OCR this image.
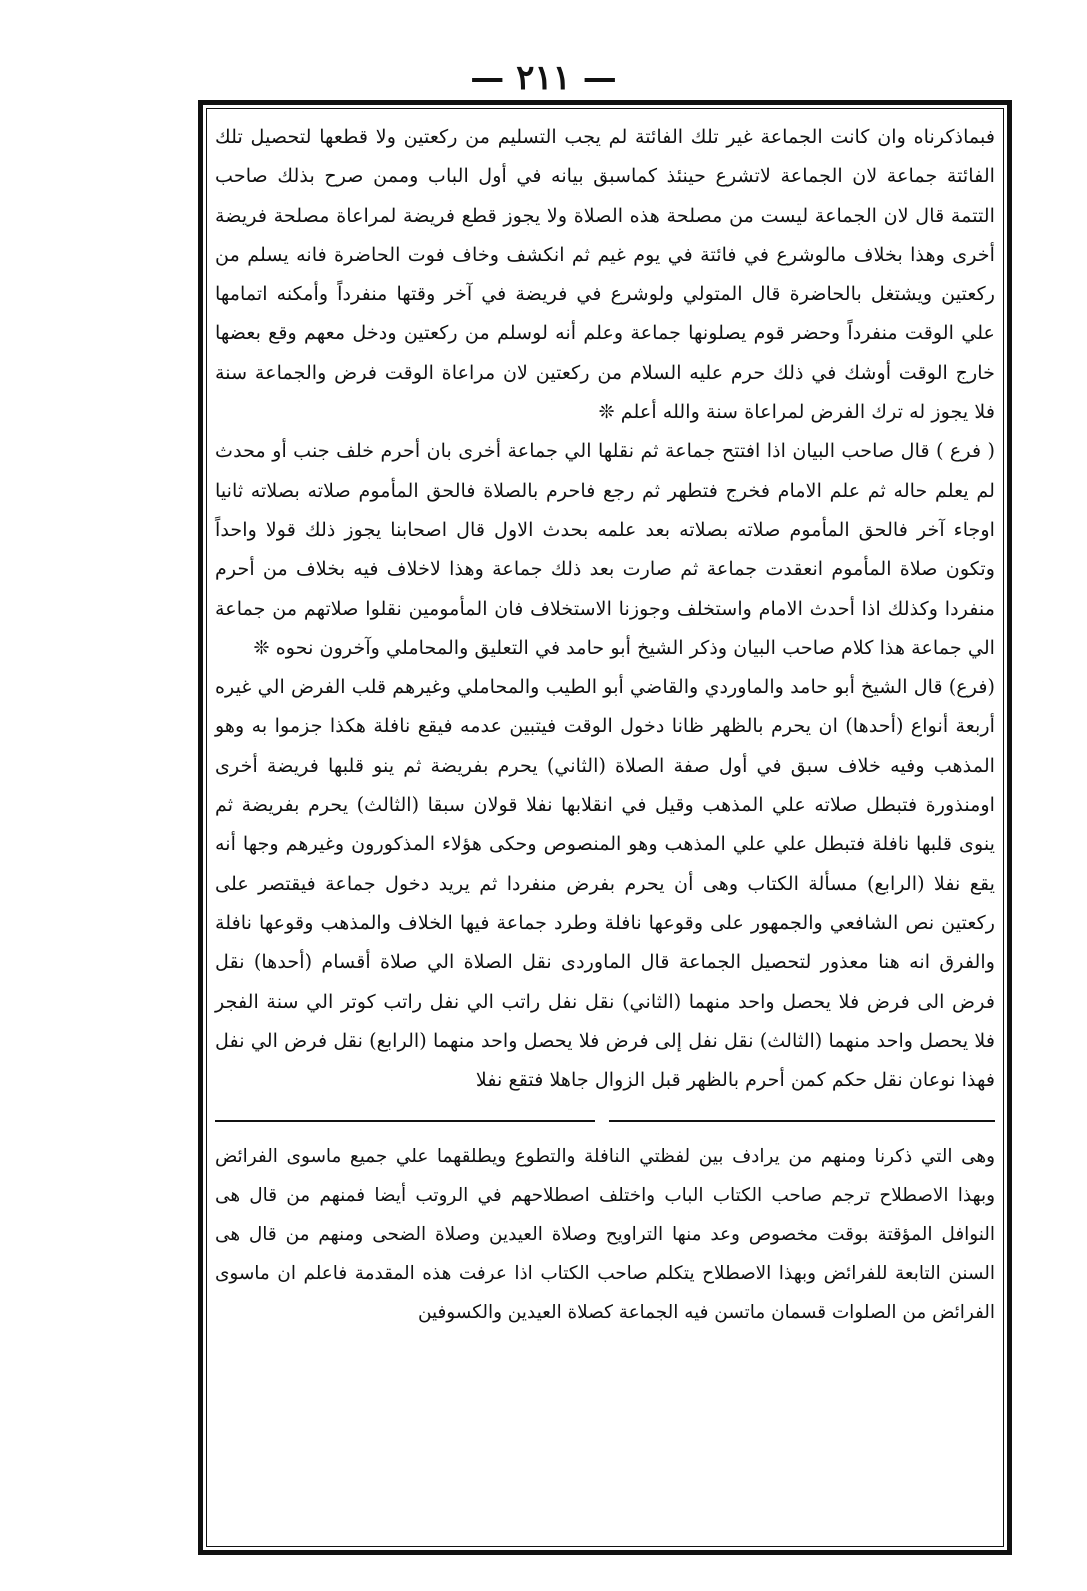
— ٢١١ —
فبماذكرناه وان كانت الجماعة غير تلك الفائتة لم يجب التسليم من ركعتين ولا قطعها لتحصيل تلك الفائتة جماعة لان الجماعة لاتشرع حينئذ كماسبق بيانه في أول الباب وممن صرح بذلك صاحب التتمة قال لان الجماعة ليست من مصلحة هذه الصلاة ولا يجوز قطع فريضة لمراعاة مصلحة فريضة أخرى وهذا بخلاف مالوشرع في فائتة في يوم غيم ثم انكشف وخاف فوت الحاضرة فانه يسلم من ركعتين ويشتغل بالحاضرة قال المتولي ولوشرع في فريضة في آخر وقتها منفرداً وأمكنه اتمامها علي الوقت منفرداً وحضر قوم يصلونها جماعة وعلم أنه لوسلم من ركعتين ودخل معهم وقع بعضها خارج الوقت أوشك في ذلك حرم عليه السلام من ركعتين لان مراعاة الوقت فرض والجماعة سنة فلا يجوز له ترك الفرض لمراعاة سنة والله أعلم ❊
( فرع ) قال صاحب البيان اذا افتتح جماعة ثم نقلها الي جماعة أخرى بان أحرم خلف جنب أو محدث لم يعلم حاله ثم علم الامام فخرج فتطهر ثم رجع فاحرم بالصلاة فالحق المأموم صلاته بصلاته ثانيا اوجاء آخر فالحق المأموم صلاته بصلاته بعد علمه بحدث الاول قال اصحابنا يجوز ذلك قولا واحداً وتكون صلاة المأموم انعقدت جماعة ثم صارت بعد ذلك جماعة وهذا لاخلاف فيه بخلاف من أحرم منفردا وكذلك اذا أحدث الامام واستخلف وجوزنا الاستخلاف فان المأمومين نقلوا صلاتهم من جماعة الي جماعة هذا كلام صاحب البيان وذكر الشيخ أبو حامد في التعليق والمحاملي وآخرون نحوه ❊
(فرع) قال الشيخ أبو حامد والماوردي والقاضي أبو الطيب والمحاملي وغيرهم قلب الفرض الي غيره أربعة أنواع (أحدها) ان يحرم بالظهر ظانا دخول الوقت فيتبين عدمه فيقع نافلة هكذا جزموا به وهو المذهب وفيه خلاف سبق في أول صفة الصلاة (الثاني) يحرم بفريضة ثم ينو قلبها فريضة أخرى اومنذورة فتبطل صلاته علي المذهب وقيل في انقلابها نفلا قولان سبقا (الثالث) يحرم بفريضة ثم ينوى قلبها نافلة فتبطل علي علي المذهب وهو المنصوص وحكى هؤلاء المذكورون وغيرهم وجها أنه يقع نفلا (الرابع) مسألة الكتاب وهى أن يحرم بفرض منفردا ثم يريد دخول جماعة فيقتصر على ركعتين نص الشافعي والجمهور على وقوعها نافلة وطرد جماعة فيها الخلاف والمذهب وقوعها نافلة والفرق انه هنا معذور لتحصيل الجماعة قال الماوردى نقل الصلاة الي صلاة أقسام (أحدها) نقل فرض الى فرض فلا يحصل واحد منهما (الثاني) نقل نفل راتب الي نفل راتب كوتر الي سنة الفجر فلا يحصل واحد منهما (الثالث) نقل نفل إلى فرض فلا يحصل واحد منهما (الرابع) نقل فرض الي نفل فهذا نوعان نقل حكم كمن أحرم بالظهر قبل الزوال جاهلا فتقع نفلا
وهى التي ذكرنا ومنهم من يرادف بين لفظتي النافلة والتطوع ويطلقهما علي جميع ماسوى الفرائض وبهذا الاصطلاح ترجم صاحب الكتاب الباب واختلف اصطلاحهم في الروتب أيضا فمنهم من قال هى النوافل المؤقتة بوقت مخصوص وعد منها التراويح وصلاة العيدين وصلاة الضحى ومنهم من قال هى السنن التابعة للفرائض وبهذا الاصطلاح يتكلم صاحب الكتاب اذا عرفت هذه المقدمة فاعلم ان ماسوى الفرائض من الصلوات قسمان ماتسن فيه الجماعة كصلاة العيدين والكسوفين
